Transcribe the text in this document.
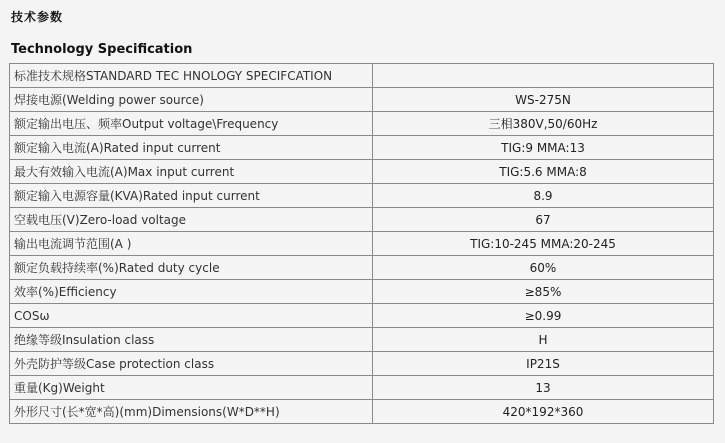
技术参数
Technology Specification
标准技术规格STANDARD TEC HNOLOGY SPECIFCATION	
焊接电源(Welding power source)	WS-275N
额定输出电压、频率Output voltage\Frequency	三相380V,50/60Hz
额定输入电流(A)Rated input current	TIG:9 MMA:13
最大有效输入电流(A)Max input current	TIG:5.6 MMA:8
额定输入电源容量(KVA)Rated input current	8.9
空载电压(V)Zero-load voltage	67
输出电流调节范围(A )	TIG:10-245 MMA:20-245
额定负载持续率(%)Rated duty cycle	60%
效率(%)Efficiency	≥85%
COSω	≥0.99
绝缘等级Insulation class	H
外壳防护等级Case protection class	IP21S
重量(Kg)Weight	13
外形尺寸(长*宽*高)(mm)Dimensions(W*D**H)	420*192*360
